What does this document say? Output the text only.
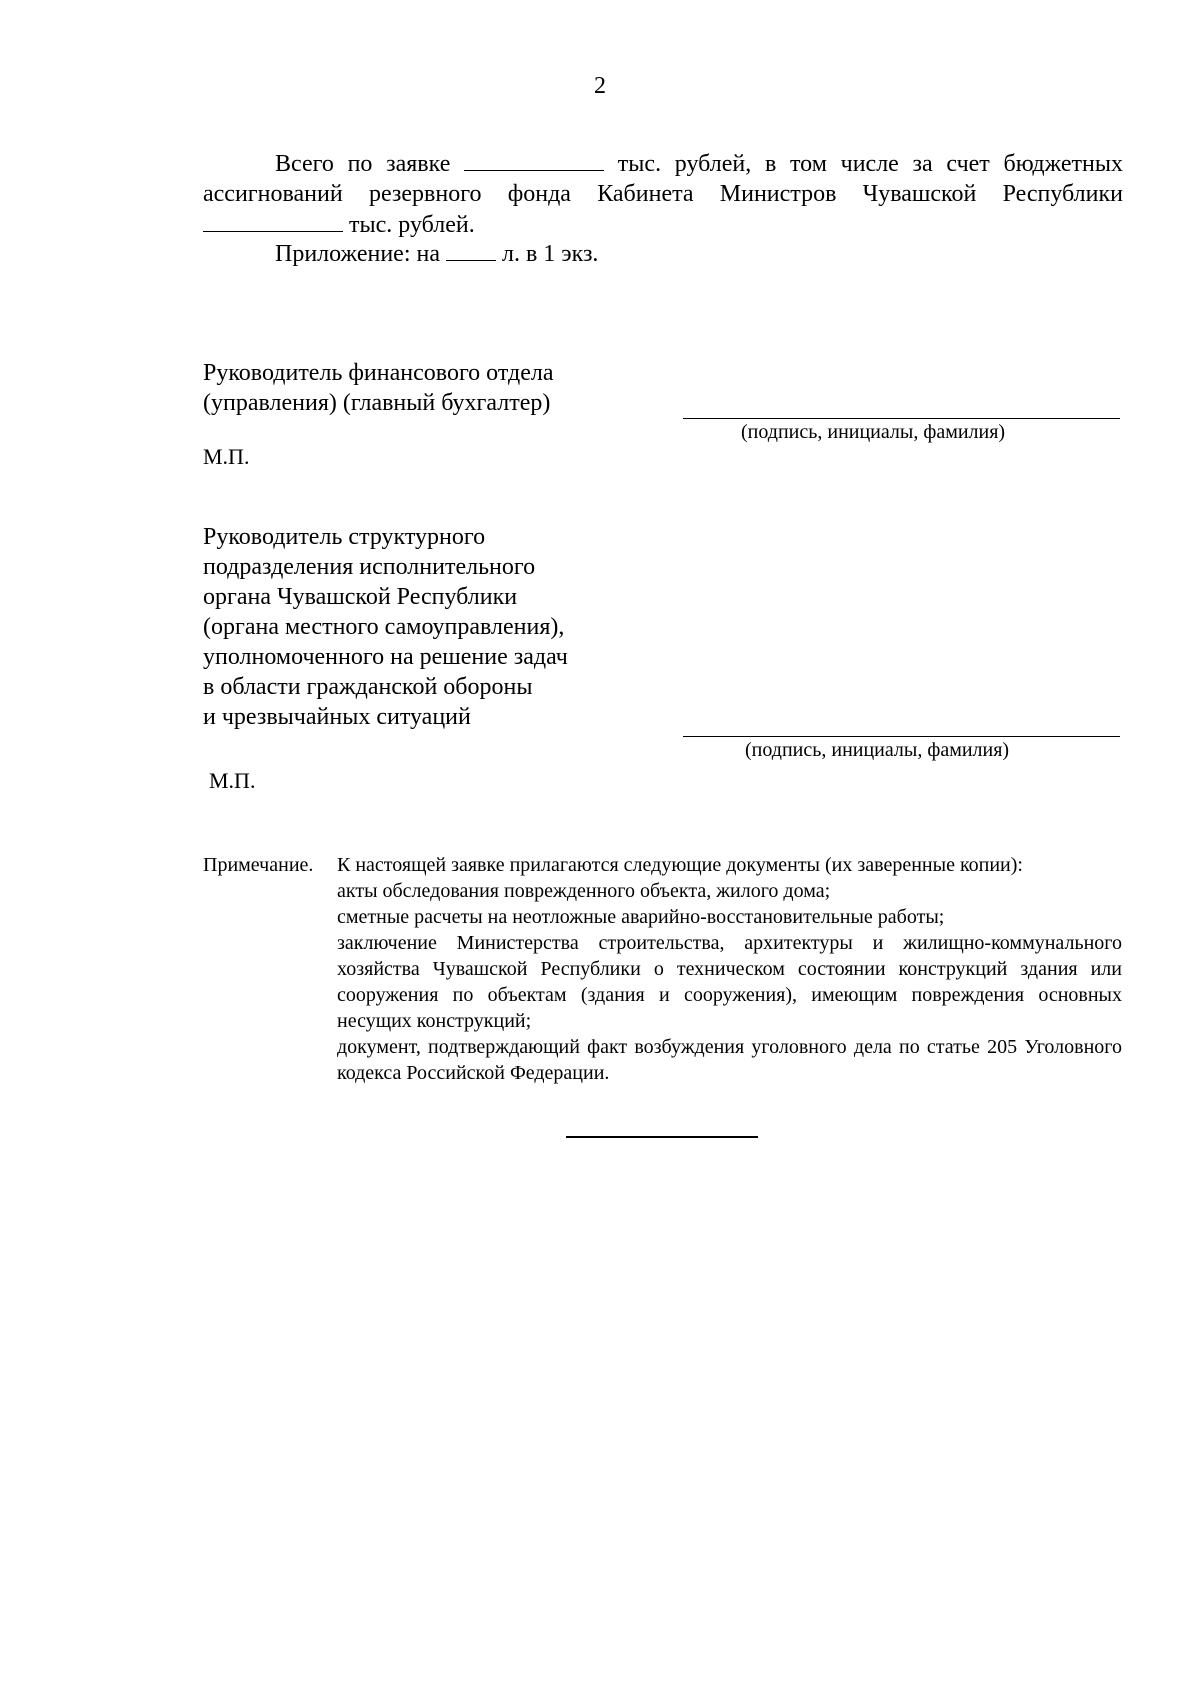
2
Всего по заявке	тыс. рублей, в том числе за счет бюджетных
ассигнований резервного фонда Кабинета Министров Чувашской Республики
тыс. рублей.
Приложение: на	л. в 1 экз.
Руководитель финансового отдела
(управления) (главный бухгалтер)
(подпись, инициалы, фамилия)
М.П.
Руководитель структурного
подразделения исполнительного
органа Чувашской Республики
(органа местного самоуправления),
уполномоченного на решение задач
в области гражданской обороны
и чрезвычайных ситуаций
(подпись, инициалы, фамилия)
М.П.
Примечание. К настоящей заявке прилагаются следующие документы (их заверенные копии):
акты обследования поврежденного объекта, жилого дома;
сметные расчеты на неотложные аварийно-восстановительные работы;
заключение Министерства строительства, архитектуры и жилищно-коммунального хозяйства Чувашской Республики о техническом состоянии конструкций здания или сооружения по объектам (здания и сооружения), имеющим повреждения основных несущих конструкций;
документ, подтверждающий факт возбуждения уголовного дела по статье 205 Уголовного кодекса Российской Федерации.
